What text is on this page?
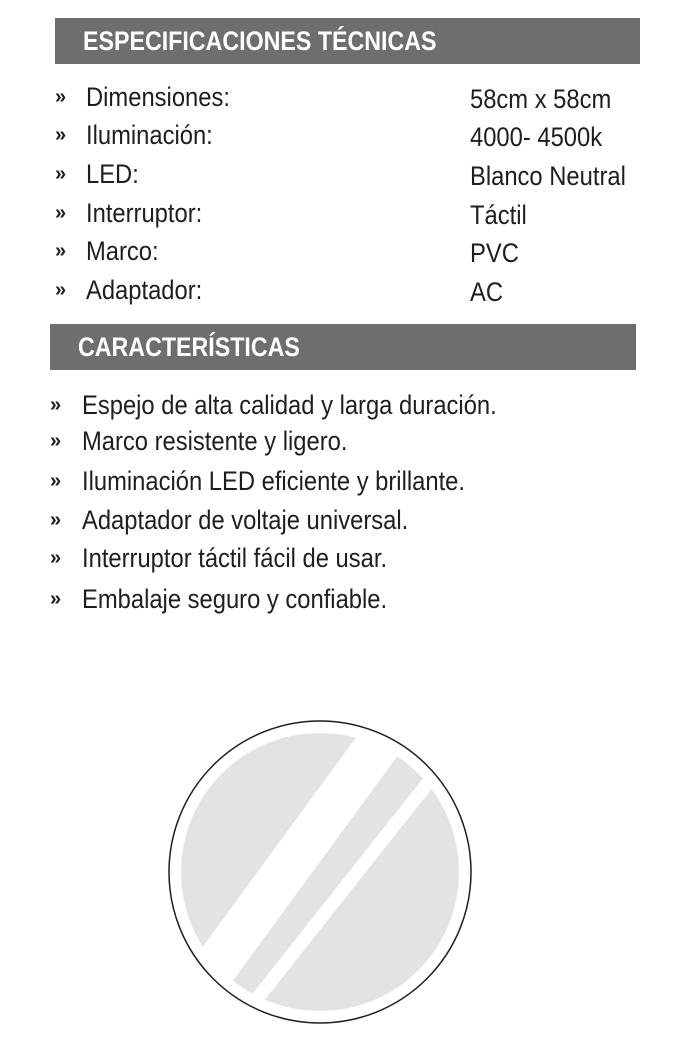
ESPECIFICACIONES TÉCNICAS
» Dimensiones:	58cm x 58cm
» Iluminación:	4000- 4500k
» LED:	Blanco Neutral
» Interruptor:	Táctil
» Marco:	PVC
» Adaptador:	AC
CARACTERÍSTICAS
» Espejo de alta calidad y larga duración.
» Marco resistente y ligero.
» Iluminación LED eficiente y brillante.
» Adaptador de voltaje universal.
» Interruptor táctil fácil de usar.
» Embalaje seguro y confiable.
